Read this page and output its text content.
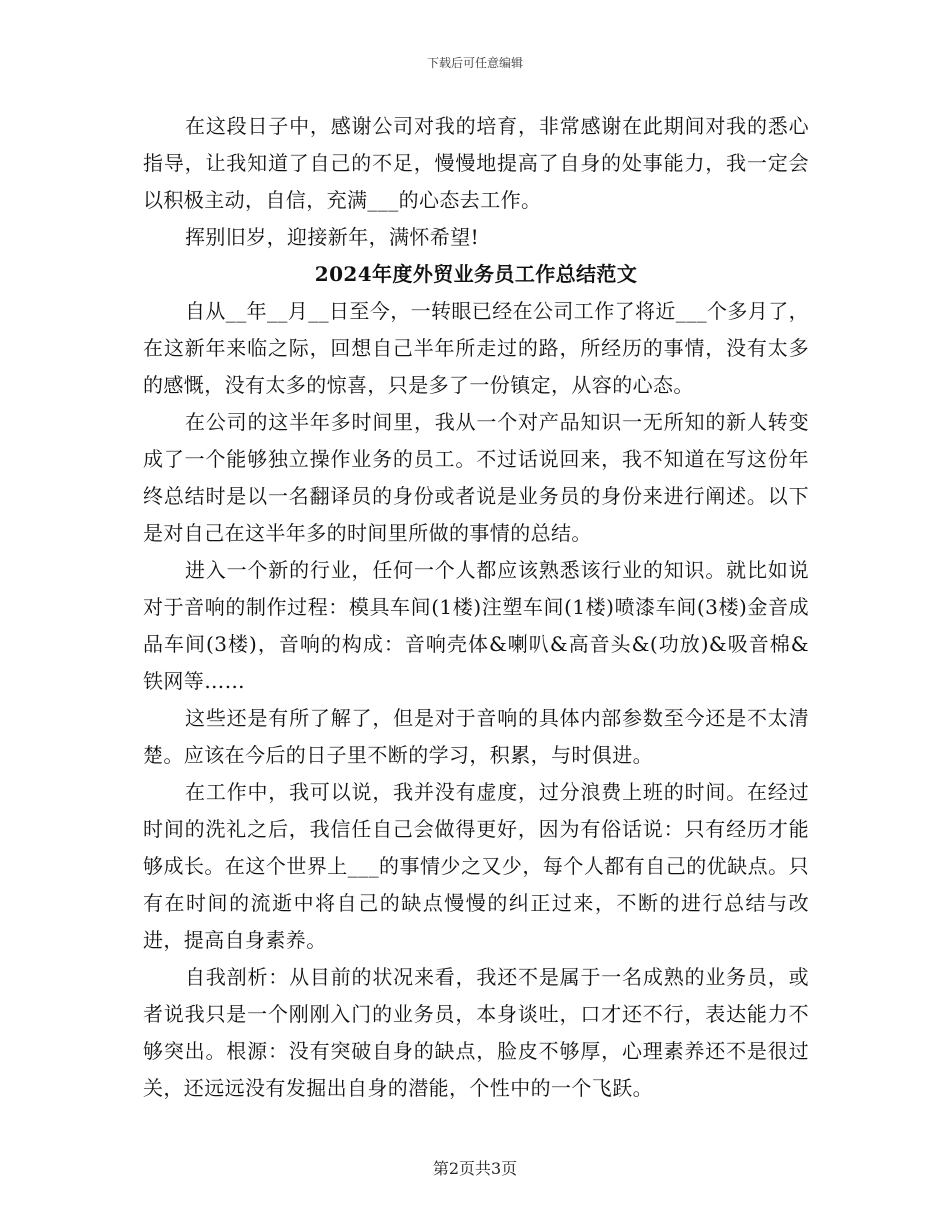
下载后可任意编辑

在这段日子中，感谢公司对我的培育，非常感谢在此期间对我的悉心指导，让我知道了自己的不足，慢慢地提高了自身的处事能力，我一定会以积极主动，自信，充满___的心态去工作。

挥别旧岁，迎接新年，满怀希望!

2024年度外贸业务员工作总结范文

自从__年__月__日至今，一转眼已经在公司工作了将近___个多月了，在这新年来临之际，回想自己半年所走过的路，所经历的事情，没有太多的感慨，没有太多的惊喜，只是多了一份镇定，从容的心态。

在公司的这半年多时间里，我从一个对产品知识一无所知的新人转变成了一个能够独立操作业务的员工。不过话说回来，我不知道在写这份年终总结时是以一名翻译员的身份或者说是业务员的身份来进行阐述。以下是对自己在这半年多的时间里所做的事情的总结。

进入一个新的行业，任何一个人都应该熟悉该行业的知识。就比如说对于音响的制作过程：模具车间(1楼)注塑车间(1楼)喷漆车间(3楼)金音成品车间(3楼)，音响的构成：音响壳体&喇叭&高音头&(功放)&吸音棉&铁网等……

这些还是有所了解了，但是对于音响的具体内部参数至今还是不太清楚。应该在今后的日子里不断的学习，积累，与时俱进。

在工作中，我可以说，我并没有虚度，过分浪费上班的时间。在经过时间的洗礼之后，我信任自己会做得更好，因为有俗话说：只有经历才能够成长。在这个世界上___的事情少之又少，每个人都有自己的优缺点。只有在时间的流逝中将自己的缺点慢慢的纠正过来，不断的进行总结与改进，提高自身素养。

自我剖析：从目前的状况来看，我还不是属于一名成熟的业务员，或者说我只是一个刚刚入门的业务员，本身谈吐，口才还不行，表达能力不够突出。根源：没有突破自身的缺点，脸皮不够厚，心理素养还不是很过关，还远远没有发掘出自身的潜能，个性中的一个飞跃。

第2页共3页
